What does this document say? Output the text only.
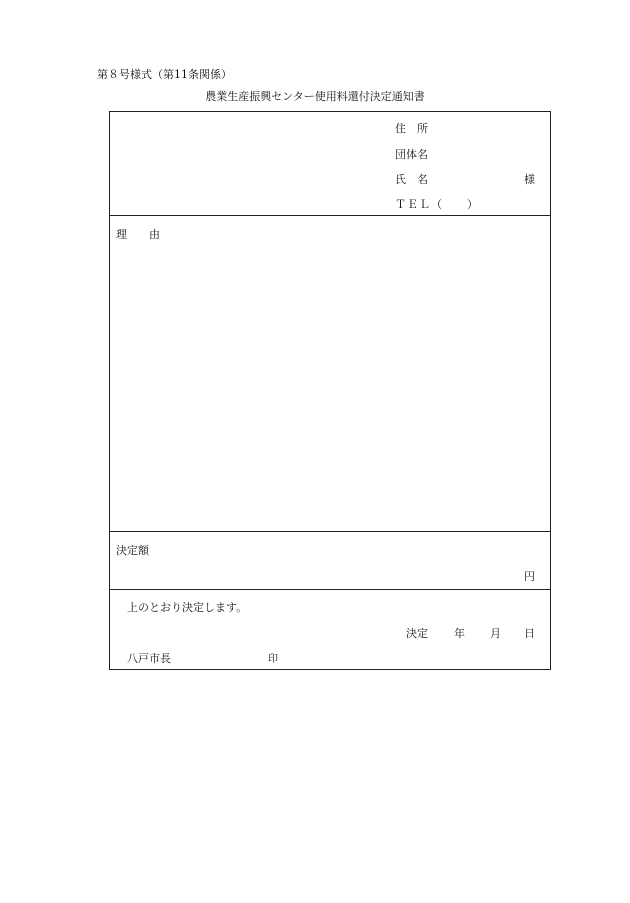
第８号様式（第11条関係）
農業生産振興センター使用料還付決定通知書
住　所
団体名
氏　名	様
ＴＥＬ（　　）
理　　由
決定額
円
上のとおり決定します。
決定 年 月 日
八戸市長	印
